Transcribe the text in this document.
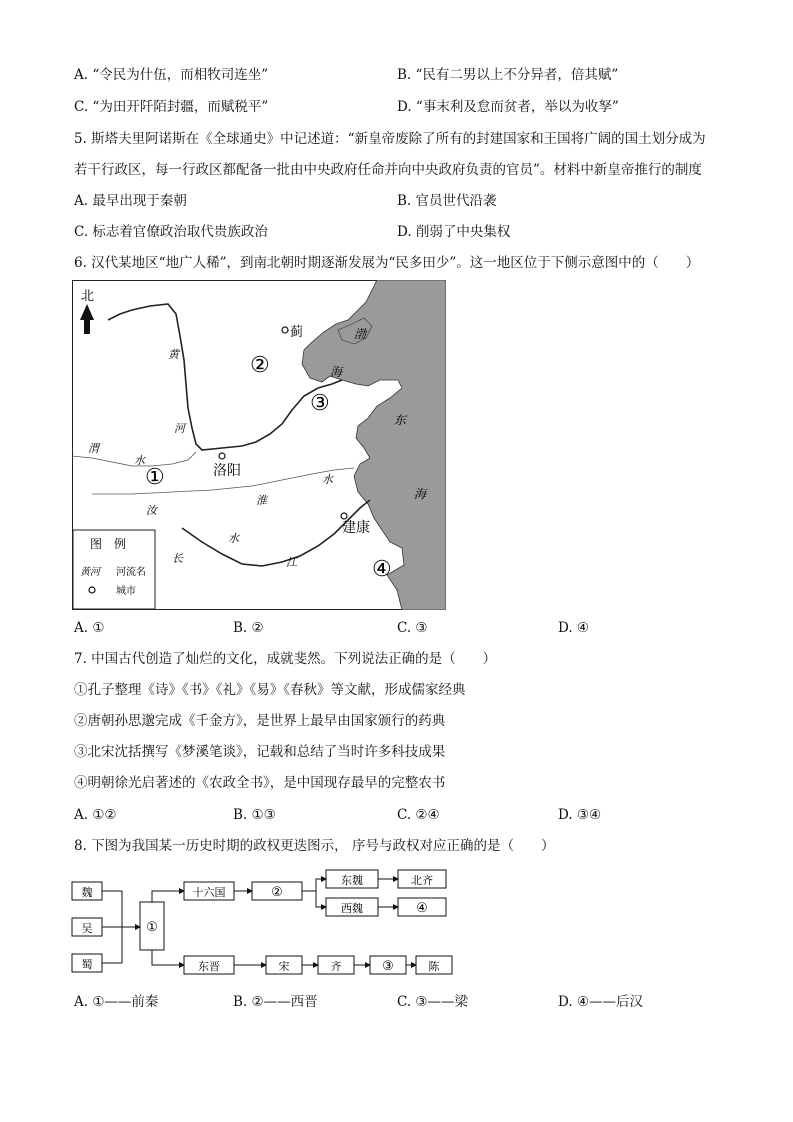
A. “令民为什伍，而相牧司连坐”	B. “民有二男以上不分异者，倍其赋”
C. “为田开阡陌封疆，而赋税平”	D. “事末利及怠而贫者，举以为收孥”
5. 斯塔夫里阿诺斯在《全球通史》中记述道：“新皇帝废除了所有的封建国家和王国将广阔的国土划分成为
若干行政区，每一行政区都配备一批由中央政府任命并向中央政府负责的官员”。材料中新皇帝推行的制度
A. 最早出现于秦朝	B. 官员世代沿袭
C. 标志着官僚政治取代贵族政治	D. 削弱了中央集权
6. 汉代某地区“地广人稀”，到南北朝时期逐渐发展为“民多田少”。这一地区位于下侧示意图中的（　　）
北
蓟
洛阳
建康
②
③
①
④
黄
河
渭
水
淮
水
汝
水
长	江
渤
海
东
海
图　例
黄河 河流名
城市
A. ①	B. ②	C. ③	D. ④
7. 中国古代创造了灿烂的文化，成就斐然。下列说法正确的是（　　）
①孔子整理《诗》《书》《礼》《易》《春秋》等文献，形成儒家经典
②唐朝孙思邈完成《千金方》，是世界上最早由国家颁行的药典
③北宋沈括撰写《梦溪笔谈》，记载和总结了当时许多科技成果
④明朝徐光启著述的《农政全书》，是中国现存最早的完整农书
A. ①②	B. ①③	C. ②④	D. ③④
8. 下图为我国某一历史时期的政权更迭图示， 序号与政权对应正确的是（　　）
魏
吴
蜀
①
十六国	②
东魏	北齐
西魏	④
东晋	宋	齐	③	陈
A. ①——前秦	B. ②——西晋	C. ③——梁	D. ④——后汉
